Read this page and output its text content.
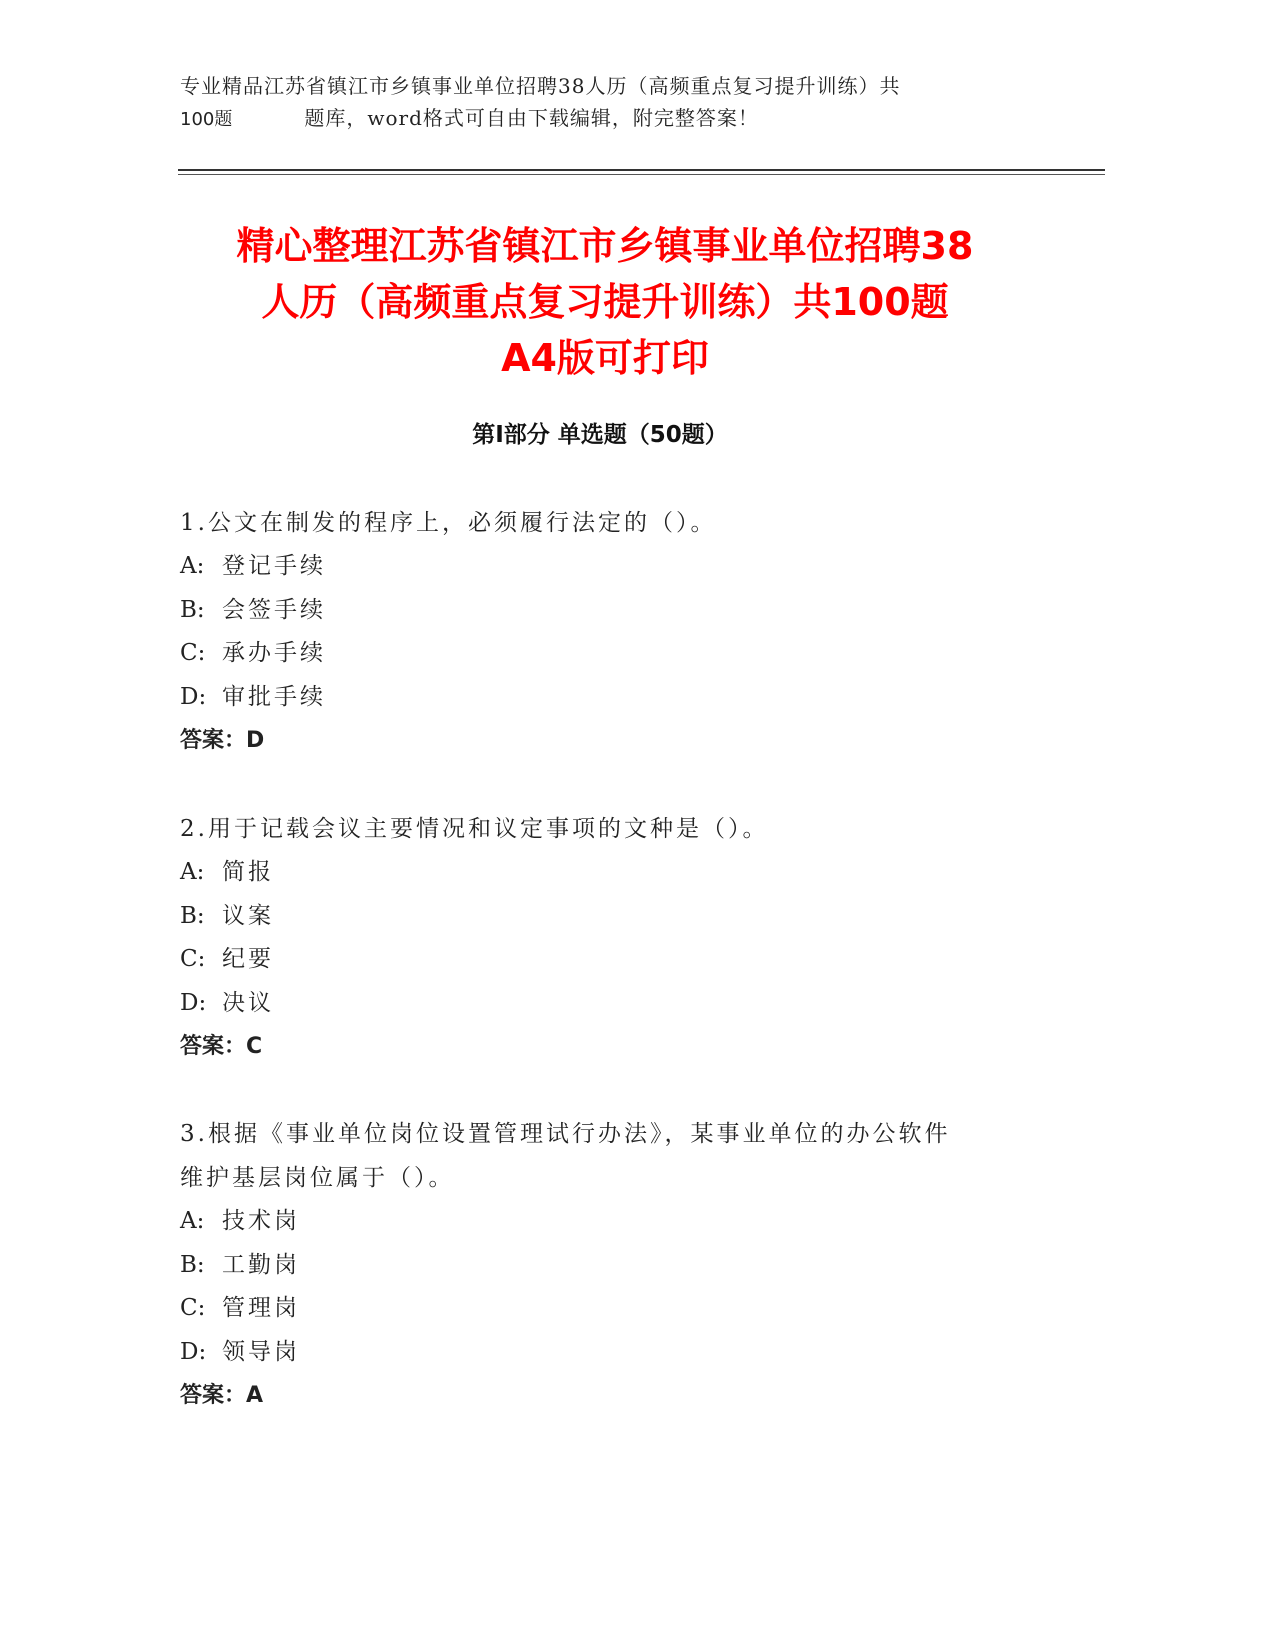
专业精品江苏省镇江市乡镇事业单位招聘38人历（高频重点复习提升训练）共
100题	题库，word格式可自由下载编辑，附完整答案！
精心整理江苏省镇江市乡镇事业单位招聘38
人历（高频重点复习提升训练）共100题
A4版可打印
第Ⅰ部分 单选题（50题）

1.公文在制发的程序上，必须履行法定的（）。

A: 登记手续

B: 会签手续

C: 承办手续

D: 审批手续

答案：D

2.用于记载会议主要情况和议定事项的文种是（）。

A: 简报

B: 议案

C: 纪要

D: 决议

答案：C

3.根据《事业单位岗位设置管理试行办法》，某事业单位的办公软件

维护基层岗位属于（）。

A: 技术岗

B: 工勤岗

C: 管理岗

D: 领导岗

答案：A
